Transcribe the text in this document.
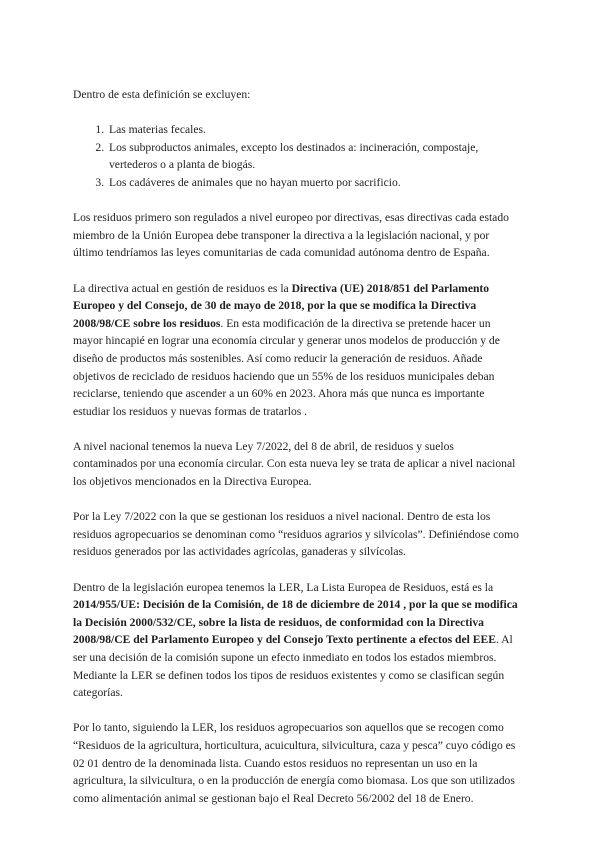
Dentro de esta definición se excluyen:

1. Las materias fecales.
2. Los subproductos animales, excepto los destinados a: incineración, compostaje, vertederos o a planta de biogás.
3. Los cadáveres de animales que no hayan muerto por sacrificio.

Los residuos primero son regulados a nivel europeo por directivas, esas directivas cada estado miembro de la Unión Europea debe transponer la directiva a la legislación nacional, y por último tendríamos las leyes comunitarias de cada comunidad autónoma dentro de España.

La directiva actual en gestión de residuos es la Directiva (UE) 2018/851 del Parlamento Europeo y del Consejo, de 30 de mayo de 2018, por la que se modifica la Directiva 2008/98/CE sobre los residuos. En esta modificación de la directiva se pretende hacer un mayor hincapié en lograr una economía circular y generar unos modelos de producción y de diseño de productos más sostenibles. Así como reducir la generación de residuos. Añade objetivos de reciclado de residuos haciendo que un 55% de los residuos municipales deban reciclarse, teniendo que ascender a un 60% en 2023. Ahora más que nunca es importante estudiar los residuos y nuevas formas de tratarlos .

A nivel nacional tenemos la nueva Ley 7/2022, del 8 de abril, de residuos y suelos contaminados por una economía circular. Con esta nueva ley se trata de aplicar a nivel nacional los objetivos mencionados en la Directiva Europea.

Por la Ley 7/2022 con la que se gestionan los residuos a nivel nacional. Dentro de esta los residuos agropecuarios se denominan como “residuos agrarios y silvícolas”. Definiéndose como residuos generados por las actividades agrícolas, ganaderas y silvícolas.

Dentro de la legislación europea tenemos la LER, La Lista Europea de Residuos, está es la 2014/955/UE: Decisión de la Comisión, de 18 de diciembre de 2014 , por la que se modifica la Decisión 2000/532/CE, sobre la lista de residuos, de conformidad con la Directiva 2008/98/CE del Parlamento Europeo y del Consejo Texto pertinente a efectos del EEE. Al ser una decisión de la comisión supone un efecto inmediato en todos los estados miembros. Mediante la LER se definen todos los tipos de residuos existentes y como se clasifican según categorías.

Por lo tanto, siguiendo la LER, los residuos agropecuarios son aquellos que se recogen como “Residuos de la agricultura, horticultura, acuicultura, silvicultura, caza y pesca” cuyo código es 02 01 dentro de la denominada lista. Cuando estos residuos no representan un uso en la agricultura, la silvicultura, o en la producción de energía como biomasa. Los que son utilizados como alimentación animal se gestionan bajo el Real Decreto 56/2002 del 18 de Enero.
